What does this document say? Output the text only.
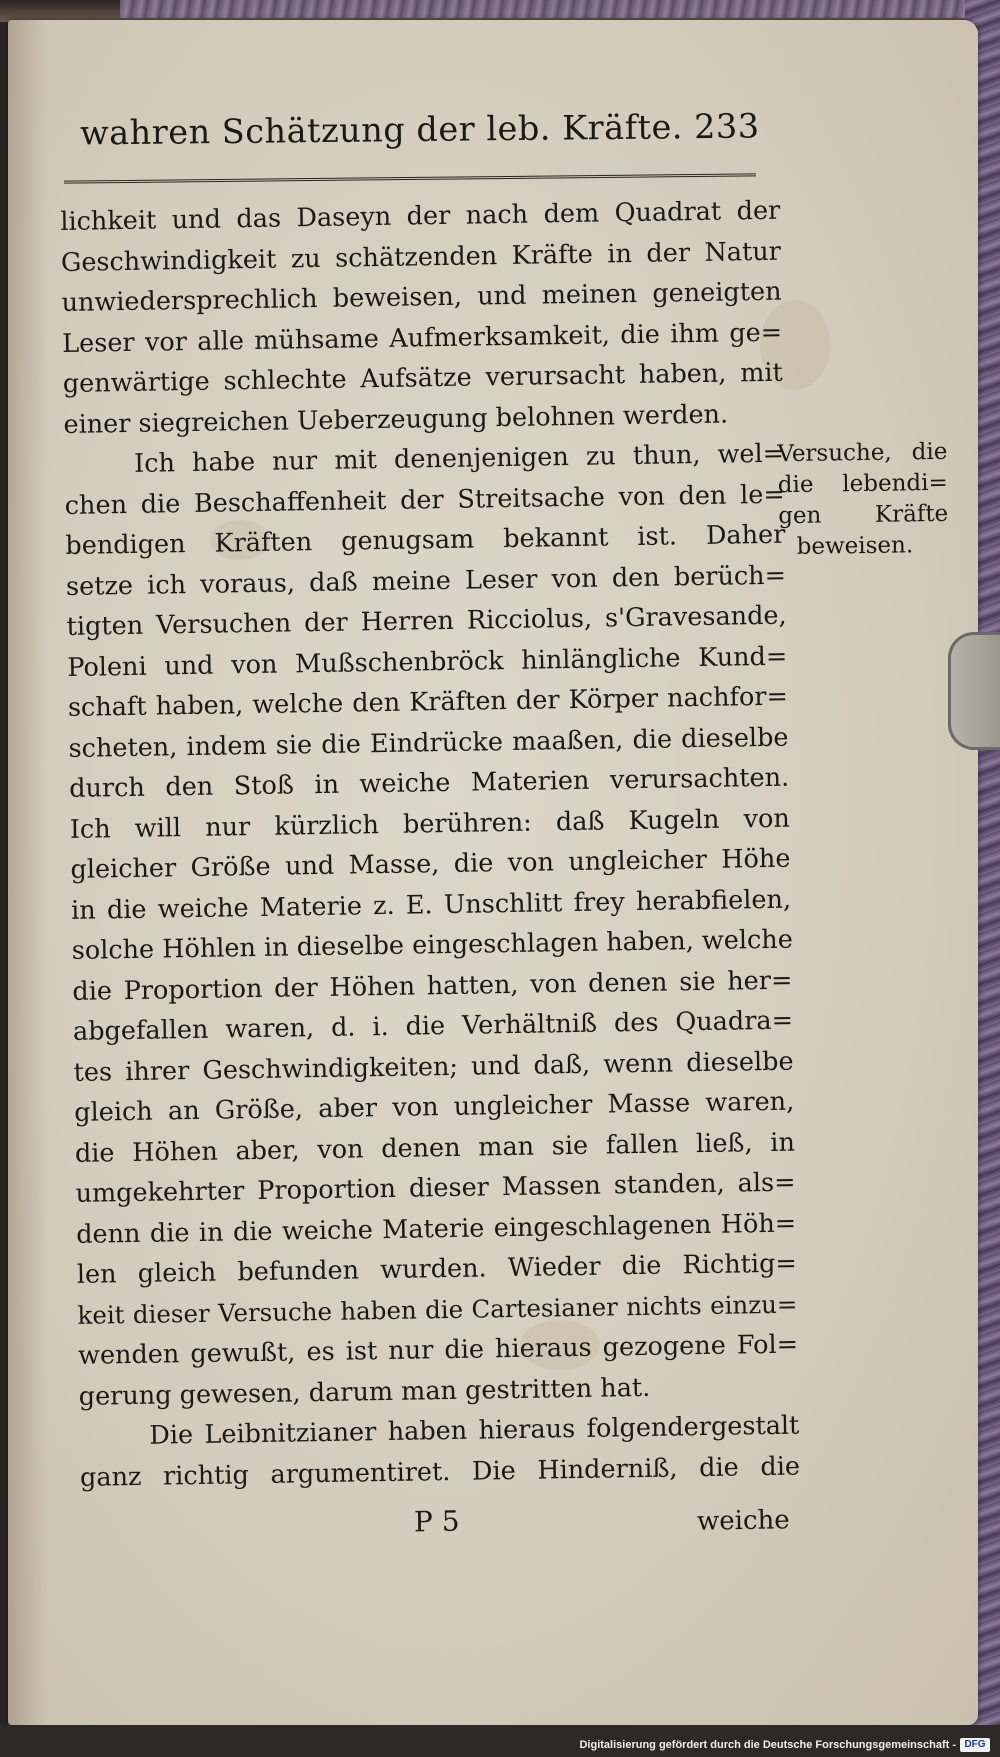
wahren Schätzung der leb. Kräfte. 233
lichkeit und das Daseyn der nach dem Quadrat der
Geschwindigkeit zu schätzenden Kräfte in der Natur
unwiedersprechlich beweisen, und meinen geneigten
Leser vor alle mühsame Aufmerksamkeit, die ihm ge=
genwärtige schlechte Aufsätze verursacht haben, mit
einer siegreichen Ueberzeugung belohnen werden.
Ich habe nur mit denenjenigen zu thun, wel=
chen die Beschaffenheit der Streitsache von den le=
bendigen Kräften genugsam bekannt ist. Daher
setze ich voraus, daß meine Leser von den berüch=
tigten Versuchen der Herren Ricciolus, s'Gravesande,
Poleni und von Mußschenbröck hinlängliche Kund=
schaft haben, welche den Kräften der Körper nachfor=
scheten, indem sie die Eindrücke maaßen, die dieselbe
durch den Stoß in weiche Materien verursachten.
Ich will nur kürzlich berühren: daß Kugeln von
gleicher Größe und Masse, die von ungleicher Höhe
in die weiche Materie z. E. Unschlitt frey herabfielen,
solche Höhlen in dieselbe eingeschlagen haben, welche
die Proportion der Höhen hatten, von denen sie her=
abgefallen waren, d. i. die Verhältniß des Quadra=
tes ihrer Geschwindigkeiten; und daß, wenn dieselbe
gleich an Größe, aber von ungleicher Masse waren,
die Höhen aber, von denen man sie fallen ließ, in
umgekehrter Proportion dieser Massen standen, als=
denn die in die weiche Materie eingeschlagenen Höh=
len gleich befunden wurden. Wieder die Richtig=
keit dieser Versuche haben die Cartesianer nichts einzu=
wenden gewußt, es ist nur die hieraus gezogene Fol=
gerung gewesen, darum man gestritten hat.
Die Leibnitzianer haben hieraus folgendergestalt
ganz richtig argumentiret. Die Hinderniß, die die
Versuche, die
die lebendi=
gen Kräfte
beweisen.
P 5	weiche
Digitalisierung gefördert durch die Deutsche Forschungsgemeinschaft - DFG
